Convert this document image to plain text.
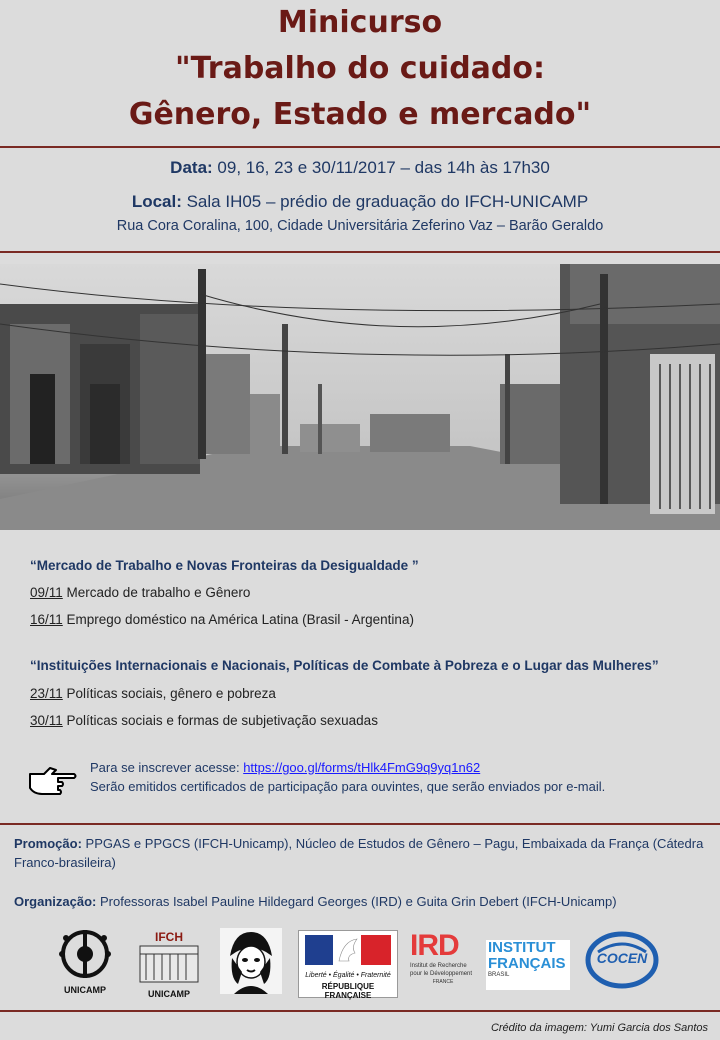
Minicurso
"Trabalho do cuidado:
Gênero, Estado e mercado"
Data: 09, 16, 23 e 30/11/2017 – das 14h às 17h30
Local: Sala IH05 – prédio de graduação do IFCH-UNICAMP
Rua Cora Coralina, 100, Cidade Universitária Zeferino Vaz – Barão Geraldo
“Mercado de Trabalho e Novas Fronteiras da Desigualdade ”
09/11 Mercado de trabalho e Gênero
16/11 Emprego doméstico na América Latina (Brasil - Argentina)
“Instituições Internacionais e Nacionais, Políticas de Combate à Pobreza e o Lugar das Mulheres”
23/11 Políticas sociais, gênero e pobreza
30/11 Políticas sociais e formas de subjetivação sexuadas
Para se inscrever acesse: https://goo.gl/forms/tHlk4FmG9q9yq1n62
Serão emitidos certificados de participação para ouvintes, que serão enviados por e-mail.
Promoção: PPGAS e PPGCS (IFCH-Unicamp), Núcleo de Estudos de Gênero – Pagu, Embaixada da França (Cátedra Franco-brasileira)
Organização: Professoras Isabel Pauline Hildegard Georges (IRD) e Guita Grin Debert (IFCH-Unicamp)
UNICAMP
IFCH
UNICAMP
Liberté • Égalité • Fraternité
RÉPUBLIQUE FRANÇAISE
IRD
Institut de Recherche
pour le Développement
FRANCE
INSTITUT
FRANÇAIS
BRASIL
COCEN
Crédito da imagem: Yumi Garcia dos Santos
